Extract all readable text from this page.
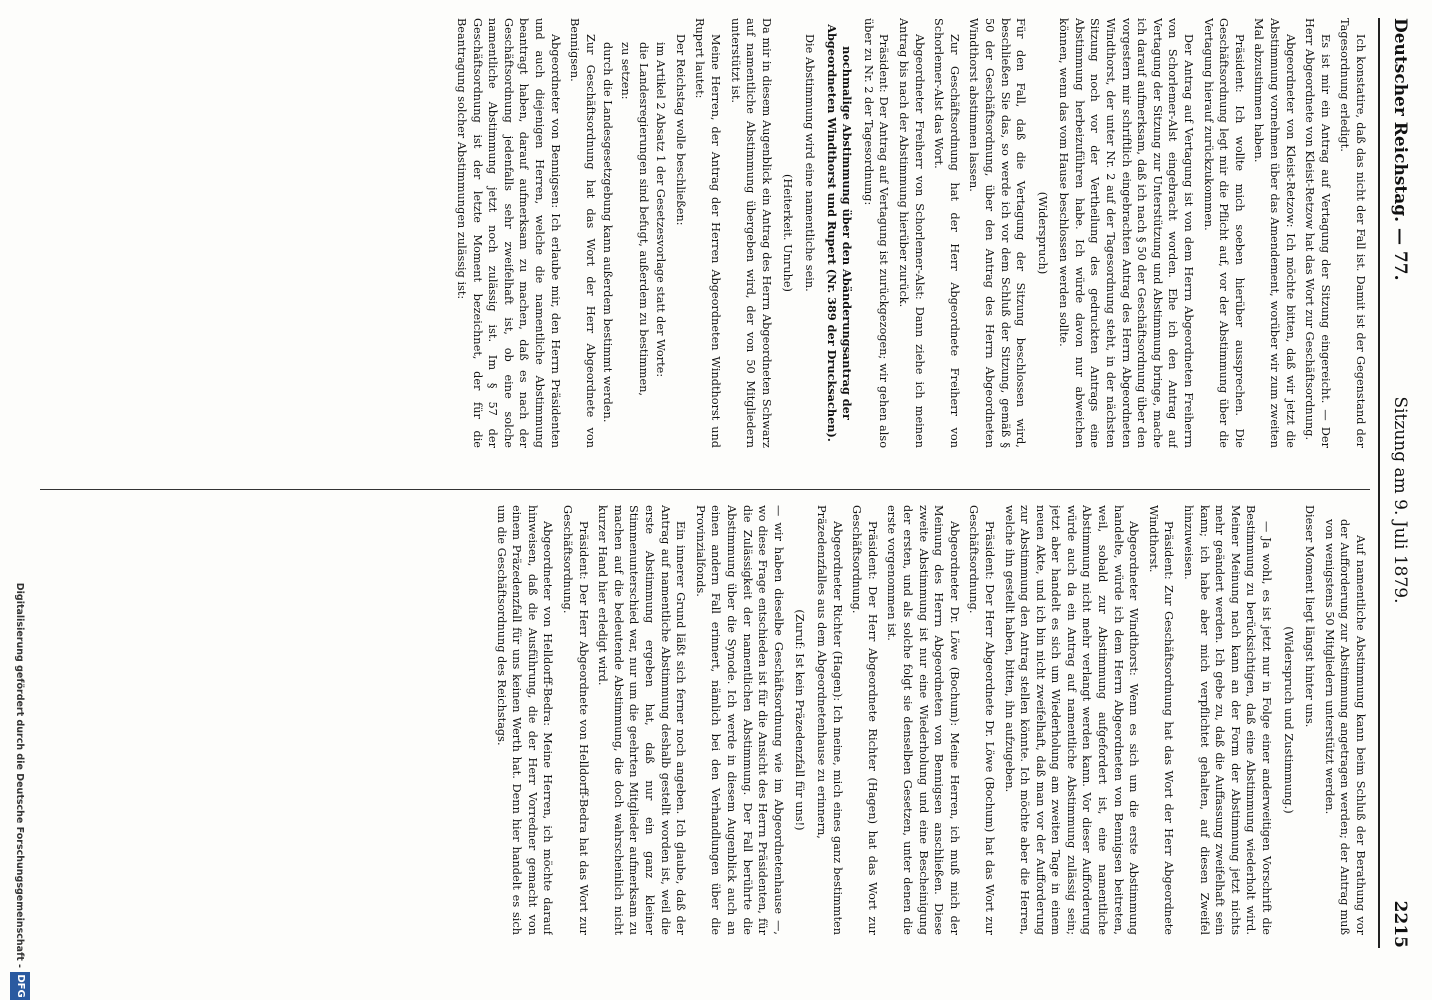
Deutscher Reichstag. — 77.
Sitzung am 9. Juli 1879.
2215

Ich konstatire, daß das nicht der Fall ist. Damit ist der Gegenstand der Tagesordnung erledigt.

Es ist mir ein Antrag auf Vertagung der Sitzung eingereicht. — Der Herr Abgeordnete von Kleist-Retzow hat das Wort zur Geschäftsordnung.

Abgeordneter von Kleist-Retzow: Ich möchte bitten, daß wir jetzt die Abstimmung vornehmen über das Amendement, worüber wir zum zweiten Mal abzustimmen haben.

Präsident: Ich wollte mich soeben hierüber aussprechen. Die Geschäftsordnung legt mir die Pflicht auf, vor der Abstimmung über die Vertagung hierauf zurückzukommen.

Der Antrag auf Vertagung ist von dem Herrn Abgeordneten Freiherrn von Schorlemer-Alst eingebracht worden. Ehe ich den Antrag auf Vertagung der Sitzung zur Unterstützung und Abstimmung bringe, mache ich darauf aufmerksam, daß ich nach § 50 der Geschäftsordnung über den vorgestern mir schriftlich eingebrachten Antrag des Herrn Abgeordneten Windthorst, der unter Nr. 2 auf der Tagesordnung steht, in der nächsten Sitzung noch vor der Vertheilung des gedruckten Antrags eine Abstimmung herbeizuführen habe. Ich würde davon nur abweichen können, wenn das vom Hause beschlossen werden sollte.

(Widerspruch)

Für den Fall, daß die Vertagung der Sitzung beschlossen wird, beschließen Sie das, so werde ich vor dem Schluß der Sitzung, gemäß § 50 der Geschäftsordnung, über den Antrag des Herrn Abgeordneten Windthorst abstimmen lassen.

Zur Geschäftsordnung hat der Herr Abgeordnete Freiherr von Schorlemer-Alst das Wort.

Abgeordneter Freiherr von Schorlemer-Alst: Dann ziehe ich meinen Antrag bis nach der Abstimmung hierüber zurück.

Präsident: Der Antrag auf Vertagung ist zurückgezogen; wir gehen also über zu Nr. 2 der Tagesordnung:

nochmalige Abstimmung über den Abänderungsantrag der Abgeordneten Windthorst und Rupert (Nr. 389 der Drucksachen).

Die Abstimmung wird eine namentliche sein.

(Heiterkeit. Unruhe)

Da mir in diesem Augenblick ein Antrag des Herrn Abgeordneten Schwarz auf namentliche Abstimmung übergeben wird, der von 50 Mitgliedern unterstützt ist.

Meine Herren, der Antrag der Herren Abgeordneten Windthorst und Rupert lautet:

Der Reichstag wolle beschließen:

im Artikel 2 Absatz 1 der Gesetzesvorlage statt der Worte:

die Landesregierungen sind befugt, außerdem zu bestimmen,

zu setzen:

durch die Landesgesetzgebung kann außerdem bestimmt werden.

Zur Geschäftsordnung hat das Wort der Herr Abgeordnete von Bennigsen.

Abgeordneter von Bennigsen: Ich erlaube mir, den Herrn Präsidenten und auch diejenigen Herren, welche die namentliche Abstimmung beantragt haben, darauf aufmerksam zu machen, daß es nach der Geschäftsordnung jedenfalls sehr zweifelhaft ist, ob eine solche namentliche Abstimmung jetzt noch zulässig ist. Im § 57 der Geschäftsordnung ist der letzte Moment bezeichnet, der für die Beantragung solcher Abstimmungen zulässig ist:

Auf namentliche Abstimmung kann beim Schluß der Berathung vor der Aufforderung zur Abstimmung angetragen werden; der Antrag muß von wenigstens 50 Mitgliedern unterstützt werden.

Dieser Moment liegt längst hinter uns.

(Widerspruch und Zustimmung.)

— Ja wohl, es ist jetzt nur in Folge einer anderweitigen Vorschrift die Bestimmung zu berücksichtigen, daß eine Abstimmung wiederholt wird. Meiner Meinung nach kann an der Form der Abstimmung jetzt nichts mehr geändert werden. Ich gebe zu, daß die Auffassung zweifelhaft sein kann; ich habe aber mich verpflichtet gehalten, auf diesen Zweifel hinzuweisen.

Präsident: Zur Geschäftsordnung hat das Wort der Herr Abgeordnete Windthorst.

Abgeordneter Windthorst: Wenn es sich um die erste Abstimmung handelte, würde ich dem Herrn Abgeordneten von Bennigsen beitreten, weil, sobald zur Abstimmung aufgefordert ist, eine namentliche Abstimmung nicht mehr verlangt werden kann. Vor dieser Aufforderung würde auch da ein Antrag auf namentliche Abstimmung zulässig sein; jetzt aber handelt es sich um Wiederholung am zweiten Tage in einem neuen Akte, und ich bin nicht zweifelhaft, daß man vor der Aufforderung zur Abstimmung den Antrag stellen könnte. Ich möchte aber die Herren, welche ihn gestellt haben, bitten, ihn aufzugeben.

Präsident: Der Herr Abgeordnete Dr. Löwe (Bochum) hat das Wort zur Geschäftsordnung.

Abgeordneter Dr. Löwe (Bochum): Meine Herren, ich muß mich der Meinung des Herrn Abgeordneten von Bennigsen anschließen. Diese zweite Abstimmung ist nur eine Wiederholung und eine Bescheinigung der ersten, und als solche folgt sie denselben Gesetzen, unter denen die erste vorgenommen ist.

Präsident: Der Herr Abgeordnete Richter (Hagen) hat das Wort zur Geschäftsordnung.

Abgeordneter Richter (Hagen): Ich meine, mich eines ganz bestimmten Präzedenzfalles aus dem Abgeordnetenhause zu erinnern,

(Zuruf: Ist kein Präzedenzfall für uns!)

— wir haben dieselbe Geschäftsordnung wie im Abgeordnetenhause —, wo diese Frage entschieden ist für die Ansicht des Herrn Präsidenten, für die Zulässigkeit der namentlichen Abstimmung. Der Fall berührte die Abstimmung über die Synode. Ich werde in diesem Augenblick auch an einen andern Fall erinnert, nämlich bei den Verhandlungen über die Provinzialfonds.

Ein innerer Grund läßt sich ferner noch angeben. Ich glaube, daß der Antrag auf namentliche Abstimmung deshalb gestellt worden ist, weil die erste Abstimmung ergeben hat, daß nur ein ganz kleiner Stimmenunterschied war, nur um die geehrten Mitglieder aufmerksam zu machen auf die bedeutende Abstimmung, die doch wahrscheinlich nicht kurzer Hand hier erledigt wird.

Präsident: Der Herr Abgeordnete von Helldorff-Bedra hat das Wort zur Geschäftsordnung.

Abgeordneter von Helldorff-Bedra: Meine Herren, ich möchte darauf hinweisen, daß die Ausführung, die der Herr Vorredner gemacht von einem Präzedenzfall für uns keinen Werth hat. Denn hier handelt es sich um die Geschäftsordnung des Reichstags.

Digitalisierung gefördert durch die Deutsche Forschungsgemeinschaft -
DFG
